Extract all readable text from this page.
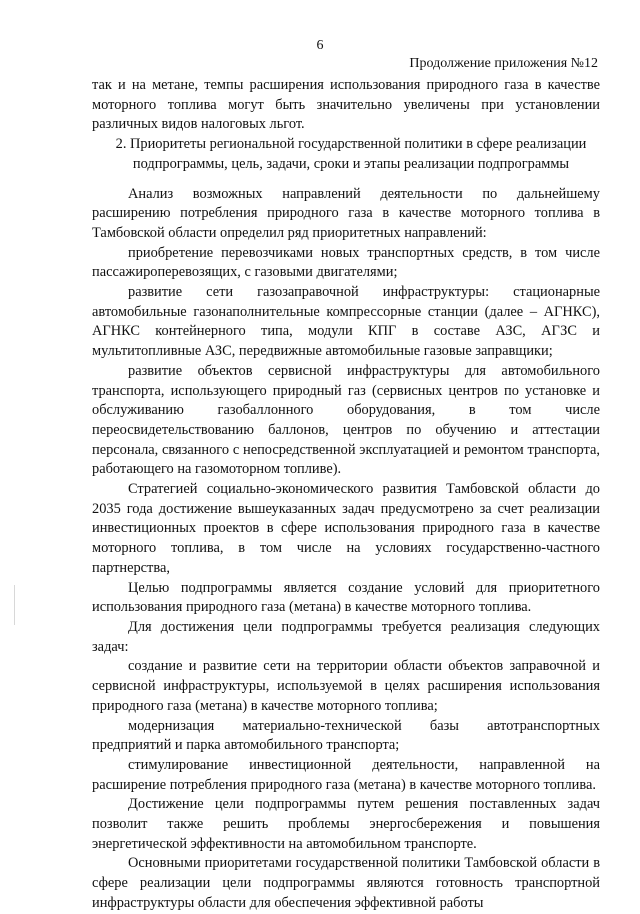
6
Продолжение приложения №12

так и на метане, темпы расширения использования природного газа в качестве моторного топлива могут быть значительно увеличены при установлении различных видов налоговых льгот.

2. Приоритеты региональной государственной политики в сфере реализации подпрограммы, цель, задачи, сроки и этапы реализации подпрограммы

Анализ возможных направлений деятельности по дальнейшему расширению потребления природного газа в качестве моторного топлива в Тамбовской области определил ряд приоритетных направлений:

приобретение перевозчиками новых транспортных средств, в том числе пассажироперевозящих, с газовыми двигателями;

развитие сети газозаправочной инфраструктуры: стационарные автомобильные газонаполнительные компрессорные станции (далее – АГНКС), АГНКС контейнерного типа, модули КПГ в составе АЗС, АГЗС и мультитопливные АЗС, передвижные автомобильные газовые заправщики;

развитие объектов сервисной инфраструктуры для автомобильного транспорта, использующего природный газ (сервисных центров по установке и обслуживанию газобаллонного оборудования, в том числе переосвидетельствованию баллонов, центров по обучению и аттестации персонала, связанного с непосредственной эксплуатацией и ремонтом транспорта, работающего на газомоторном топливе).

Стратегией социально-экономического развития Тамбовской области до 2035 года достижение вышеуказанных задач предусмотрено за счет реализации инвестиционных проектов в сфере использования природного газа в качестве моторного топлива, в том числе на условиях государственно-частного партнерства,

Целью подпрограммы является создание условий для приоритетного использования природного газа (метана) в качестве моторного топлива.

Для достижения цели подпрограммы требуется реализация следующих задач:

создание и развитие сети на территории области объектов заправочной и сервисной инфраструктуры, используемой в целях расширения использования природного газа (метана) в качестве моторного топлива;

модернизация материально-технической базы автотранспортных предприятий и парка автомобильного транспорта;

стимулирование инвестиционной деятельности, направленной на расширение потребления природного газа (метана) в качестве моторного топлива.

Достижение цели подпрограммы путем решения поставленных задач позволит также решить проблемы энергосбережения и повышения энергетической эффективности на автомобильном транспорте.

Основными приоритетами государственной политики Тамбовской области в сфере реализации цели подпрограммы являются готовность транспортной инфраструктуры области для обеспечения эффективной работы
